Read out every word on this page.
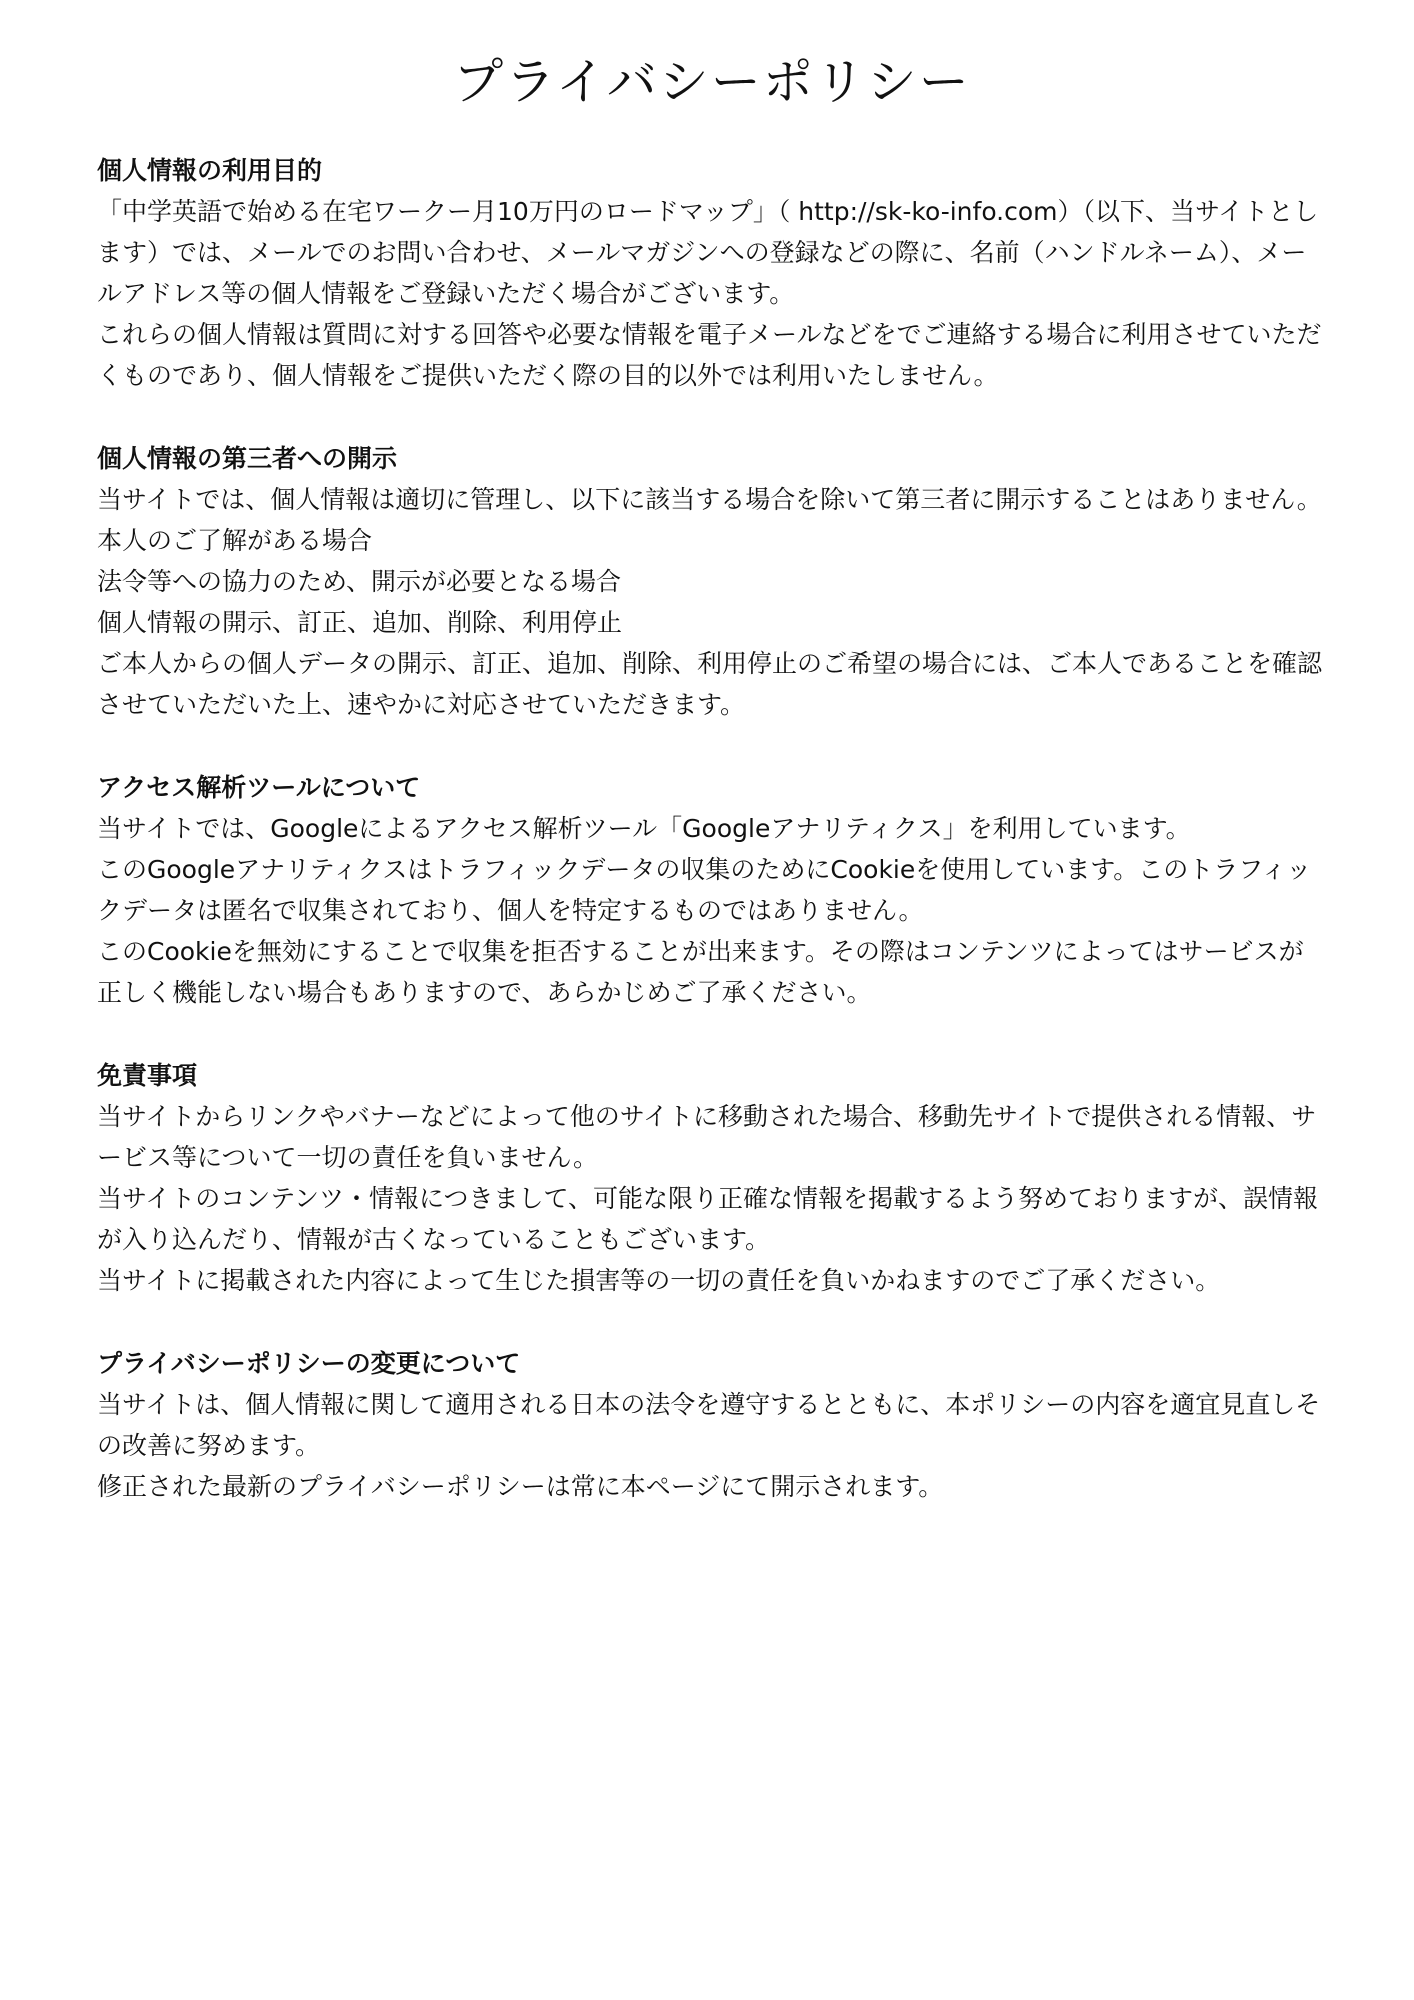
プライバシーポリシー
個人情報の利用目的

「中学英語で始める在宅ワークー月10万円のロードマップ」（ http://sk-ko-info.com）（以下、当サイトとします）では、メールでのお問い合わせ、メールマガジンへの登録などの際に、名前（ハンドルネーム）、メールアドレス等の個人情報をご登録いただく場合がございます。

これらの個人情報は質問に対する回答や必要な情報を電子メールなどをでご連絡する場合に利用させていただくものであり、個人情報をご提供いただく際の目的以外では利用いたしません。

個人情報の第三者への開示

当サイトでは、個人情報は適切に管理し、以下に該当する場合を除いて第三者に開示することはありません。

本人のご了解がある場合

法令等への協力のため、開示が必要となる場合

個人情報の開示、訂正、追加、削除、利用停止

ご本人からの個人データの開示、訂正、追加、削除、利用停止のご希望の場合には、ご本人であることを確認させていただいた上、速やかに対応させていただきます。

アクセス解析ツールについて

当サイトでは、Googleによるアクセス解析ツール「Googleアナリティクス」を利用しています。

このGoogleアナリティクスはトラフィックデータの収集のためにCookieを使用しています。このトラフィックデータは匿名で収集されており、個人を特定するものではありません。

このCookieを無効にすることで収集を拒否することが出来ます。その際はコンテンツによってはサービスが正しく機能しない場合もありますので、あらかじめご了承ください。

免責事項

当サイトからリンクやバナーなどによって他のサイトに移動された場合、移動先サイトで提供される情報、サービス等について一切の責任を負いません。

当サイトのコンテンツ・情報につきまして、可能な限り正確な情報を掲載するよう努めておりますが、誤情報が入り込んだり、情報が古くなっていることもございます。

当サイトに掲載された内容によって生じた損害等の一切の責任を負いかねますのでご了承ください。

プライバシーポリシーの変更について

当サイトは、個人情報に関して適用される日本の法令を遵守するとともに、本ポリシーの内容を適宜見直しその改善に努めます。

修正された最新のプライバシーポリシーは常に本ページにて開示されます。
